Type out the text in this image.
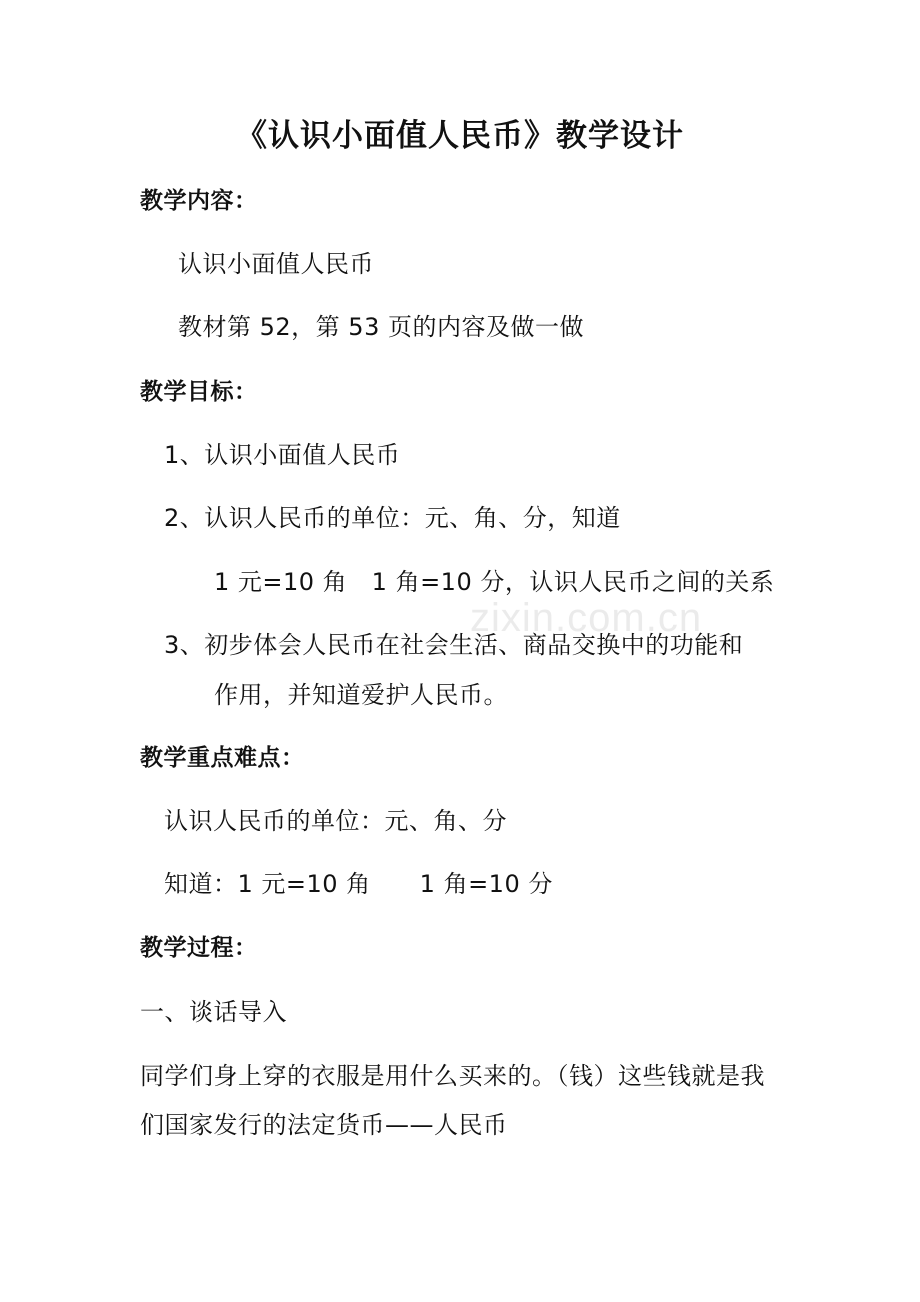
zixin.com.cn
《认识小面值人民币》教学设计
教学内容：
认识小面值人民币
教材第 52，第 53 页的内容及做一做
教学目标：
1、认识小面值人民币
2、认识人民币的单位：元、角、分，知道
1 元=10 角　1 角=10 分，认识人民币之间的关系
3、初步体会人民币在社会生活、商品交换中的功能和
作用，并知道爱护人民币。
教学重点难点：
认识人民币的单位：元、角、分
知道：1 元=10 角　　1 角=10 分
教学过程：
一、谈话导入
同学们身上穿的衣服是用什么买来的。（钱）这些钱就是我
们国家发行的法定货币——人民币
